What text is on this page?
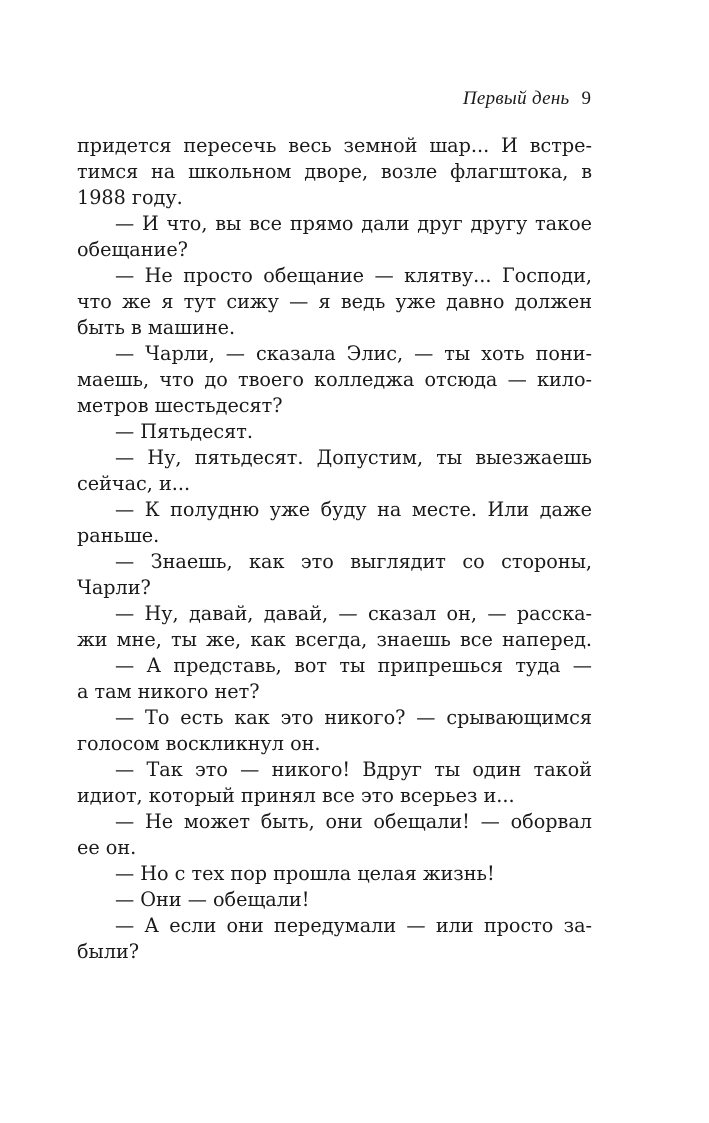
Первый день 9
придется пересечь весь земной шар... И встре-
тимся на школьном дворе, возле флагштока, в
1988 году.
— И что, вы все прямо дали друг другу такое
обещание?
— Не просто обещание — клятву... Господи,
что же я тут сижу — я ведь уже давно должен
быть в машине.
— Чарли, — сказала Элис, — ты хоть пони-
маешь, что до твоего колледжа отсюда — кило-
метров шестьдесят?
— Пятьдесят.
— Ну, пятьдесят. Допустим, ты выезжаешь
сейчас, и...
— К полудню уже буду на месте. Или даже
раньше.
— Знаешь, как это выглядит со стороны,
Чарли?
— Ну, давай, давай, — сказал он, — расска-
жи мне, ты же, как всегда, знаешь все наперед.
— А представь, вот ты припрешься туда —
а там никого нет?
— То есть как это никого? — срывающимся
голосом воскликнул он.
— Так это — никого! Вдруг ты один такой
идиот, который принял все это всерьез и...
— Не может быть, они обещали! — оборвал
ее он.
— Но с тех пор прошла целая жизнь!
— Они — обещали!
— А если они передумали — или просто за-
были?
